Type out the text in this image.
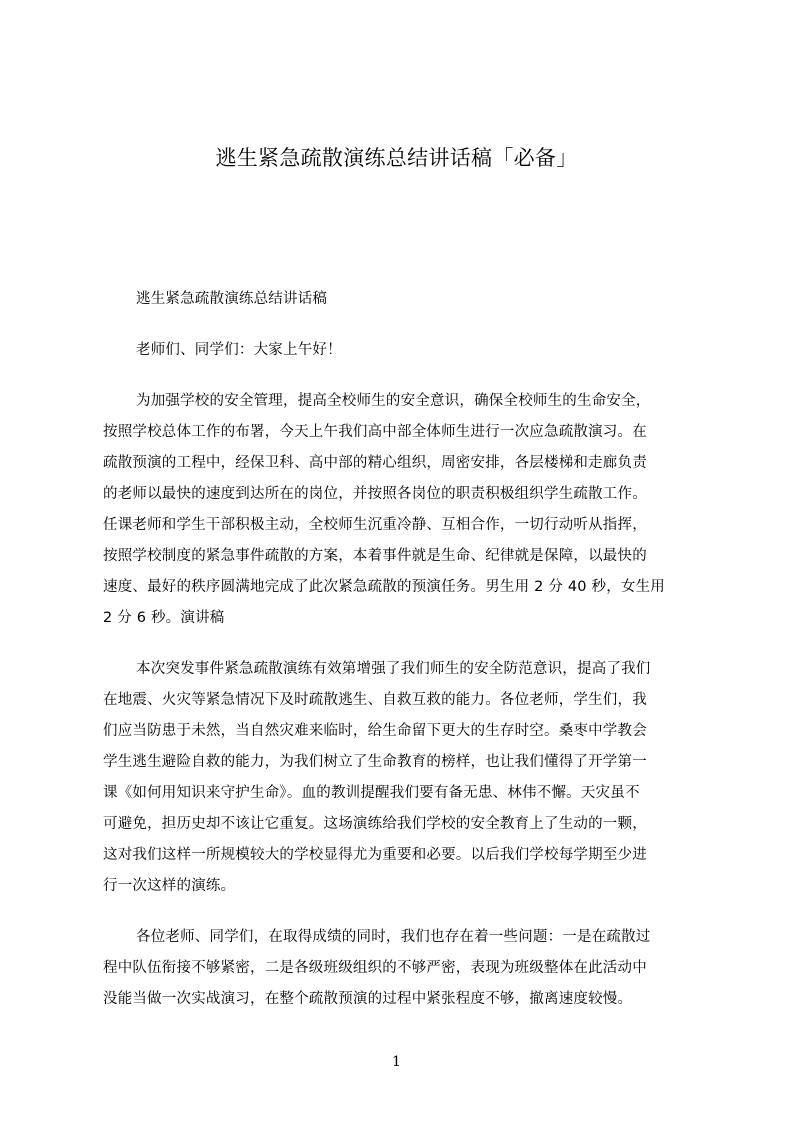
逃生紧急疏散演练总结讲话稿「必备」
逃生紧急疏散演练总结讲话稿
老师们、同学们：大家上午好！
为加强学校的安全管理，提高全校师生的安全意识，确保全校师生的生命安全，
按照学校总体工作的布署，今天上午我们高中部全体师生进行一次应急疏散演习。在
疏散预演的工程中，经保卫科、高中部的精心组织，周密安排，各层楼梯和走廊负责
的老师以最快的速度到达所在的岗位，并按照各岗位的职责积极组织学生疏散工作。
任课老师和学生干部积极主动，全校师生沉重冷静、互相合作，一切行动听从指挥，
按照学校制度的紧急事件疏散的方案，本着事件就是生命、纪律就是保障，以最快的
速度、最好的秩序圆满地完成了此次紧急疏散的预演任务。男生用 2 分 40 秒，女生用
2 分 6 秒。演讲稿
本次突发事件紧急疏散演练有效第增强了我们师生的安全防范意识，提高了我们
在地震、火灾等紧急情况下及时疏散逃生、自救互救的能力。各位老师，学生们，我
们应当防患于未然，当自然灾难来临时，给生命留下更大的生存时空。桑枣中学教会
学生逃生避险自救的能力，为我们树立了生命教育的榜样，也让我们懂得了开学第一
课《如何用知识来守护生命》。血的教训提醒我们要有备无患、林伟不懈。天灾虽不
可避免，担历史却不该让它重复。这场演练给我们学校的安全教育上了生动的一颗，
这对我们这样一所规模较大的学校显得尤为重要和必要。以后我们学校每学期至少进
行一次这样的演练。
各位老师、同学们，在取得成绩的同时，我们也存在着一些问题：一是在疏散过
程中队伍衔接不够紧密，二是各级班级组织的不够严密，表现为班级整体在此活动中
没能当做一次实战演习，在整个疏散预演的过程中紧张程度不够，撤离速度较慢。
1
